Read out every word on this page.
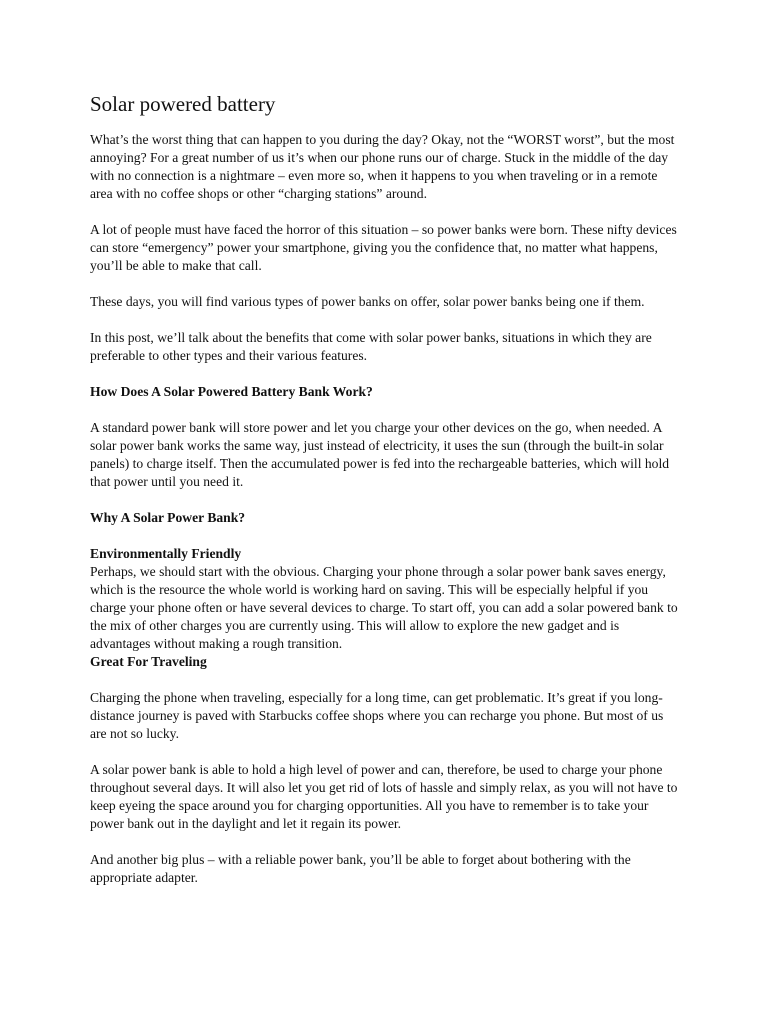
Solar powered battery

What’s the worst thing that can happen to you during the day? Okay, not the “WORST worst”, but the most annoying? For a great number of us it’s when our phone runs our of charge. Stuck in the middle of the day with no connection is a nightmare – even more so, when it happens to you when traveling or in a remote area with no coffee shops or other “charging stations” around.

A lot of people must have faced the horror of this situation – so power banks were born. These nifty devices can store “emergency” power your smartphone, giving you the confidence that, no matter what happens, you’ll be able to make that call.

These days, you will find various types of power banks on offer, solar power banks being one if them.

In this post, we’ll talk about the benefits that come with solar power banks, situations in which they are preferable to other types and their various features.

How Does A Solar Powered Battery Bank Work?

A standard power bank will store power and let you charge your other devices on the go, when needed. A solar power bank works the same way, just instead of electricity, it uses the sun (through the built-in solar panels) to charge itself. Then the accumulated power is fed into the rechargeable batteries, which will hold that power until you need it.

Why A Solar Power Bank?
Environmentally Friendly

Perhaps, we should start with the obvious. Charging your phone through a solar power bank saves energy, which is the resource the whole world is working hard on saving. This will be especially helpful if you charge your phone often or have several devices to charge. To start off, you can add a solar powered bank to the mix of other charges you are currently using. This will allow to explore the new gadget and is advantages without making a rough transition.

Great For Traveling

Charging the phone when traveling, especially for a long time, can get problematic. It’s great if you long-distance journey is paved with Starbucks coffee shops where you can recharge you phone. But most of us are not so lucky.

A solar power bank is able to hold a high level of power and can, therefore, be used to charge your phone throughout several days. It will also let you get rid of lots of hassle and simply relax, as you will not have to keep eyeing the space around you for charging opportunities. All you have to remember is to take your power bank out in the daylight and let it regain its power.

And another big plus – with a reliable power bank, you’ll be able to forget about bothering with the appropriate adapter.
